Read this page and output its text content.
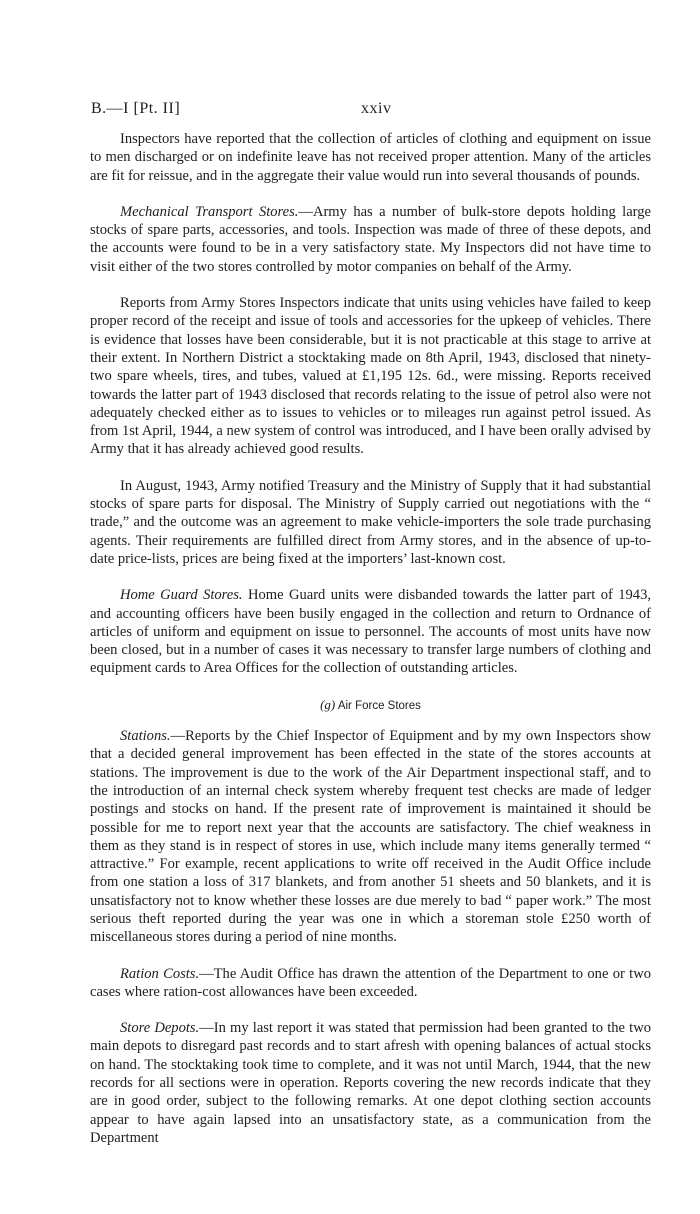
B.—I [Pt. II]	xxiv

Inspectors have reported that the collection of articles of clothing and equipment on issue to men discharged or on indefinite leave has not received proper attention. Many of the articles are fit for reissue, and in the aggregate their value would run into several thousands of pounds.

Mechanical Transport Stores.—Army has a number of bulk-store depots holding large stocks of spare parts, accessories, and tools. Inspection was made of three of these depots, and the accounts were found to be in a very satisfactory state. My Inspectors did not have time to visit either of the two stores controlled by motor companies on behalf of the Army.

Reports from Army Stores Inspectors indicate that units using vehicles have failed to keep proper record of the receipt and issue of tools and accessories for the upkeep of vehicles. There is evidence that losses have been considerable, but it is not practicable at this stage to arrive at their extent. In Northern District a stocktaking made on 8th April, 1943, disclosed that ninety-two spare wheels, tires, and tubes, valued at £1,195 12s. 6d., were missing. Reports received towards the latter part of 1943 disclosed that records relating to the issue of petrol also were not adequately checked either as to issues to vehicles or to mileages run against petrol issued. As from 1st April, 1944, a new system of control was introduced, and I have been orally advised by Army that it has already achieved good results.

In August, 1943, Army notified Treasury and the Ministry of Supply that it had substantial stocks of spare parts for disposal. The Ministry of Supply carried out negotiations with the “ trade,” and the outcome was an agreement to make vehicle-importers the sole trade purchasing agents. Their requirements are fulfilled direct from Army stores, and in the absence of up-to-date price-lists, prices are being fixed at the importers’ last-known cost.

Home Guard Stores. Home Guard units were disbanded towards the latter part of 1943, and accounting officers have been busily engaged in the collection and return to Ordnance of articles of uniform and equipment on issue to personnel. The accounts of most units have now been closed, but in a number of cases it was necessary to transfer large numbers of clothing and equipment cards to Area Offices for the collection of outstanding articles.

(g) Air Force Stores

Stations.—Reports by the Chief Inspector of Equipment and by my own Inspectors show that a decided general improvement has been effected in the state of the stores accounts at stations. The improvement is due to the work of the Air Department inspectional staff, and to the introduction of an internal check system whereby frequent test checks are made of ledger postings and stocks on hand. If the present rate of improvement is maintained it should be possible for me to report next year that the accounts are satisfactory. The chief weakness in them as they stand is in respect of stores in use, which include many items generally termed “ attractive.” For example, recent applications to write off received in the Audit Office include from one station a loss of 317 blankets, and from another 51 sheets and 50 blankets, and it is unsatisfactory not to know whether these losses are due merely to bad “ paper work.” The most serious theft reported during the year was one in which a storeman stole £250 worth of miscellaneous stores during a period of nine months.

Ration Costs.—The Audit Office has drawn the attention of the Department to one or two cases where ration-cost allowances have been exceeded.

Store Depots.—In my last report it was stated that permission had been granted to the two main depots to disregard past records and to start afresh with opening balances of actual stocks on hand. The stocktaking took time to complete, and it was not until March, 1944, that the new records for all sections were in operation. Reports covering the new records indicate that they are in good order, subject to the following remarks. At one depot clothing section accounts appear to have again lapsed into an unsatisfactory state, as a communication from the Department
